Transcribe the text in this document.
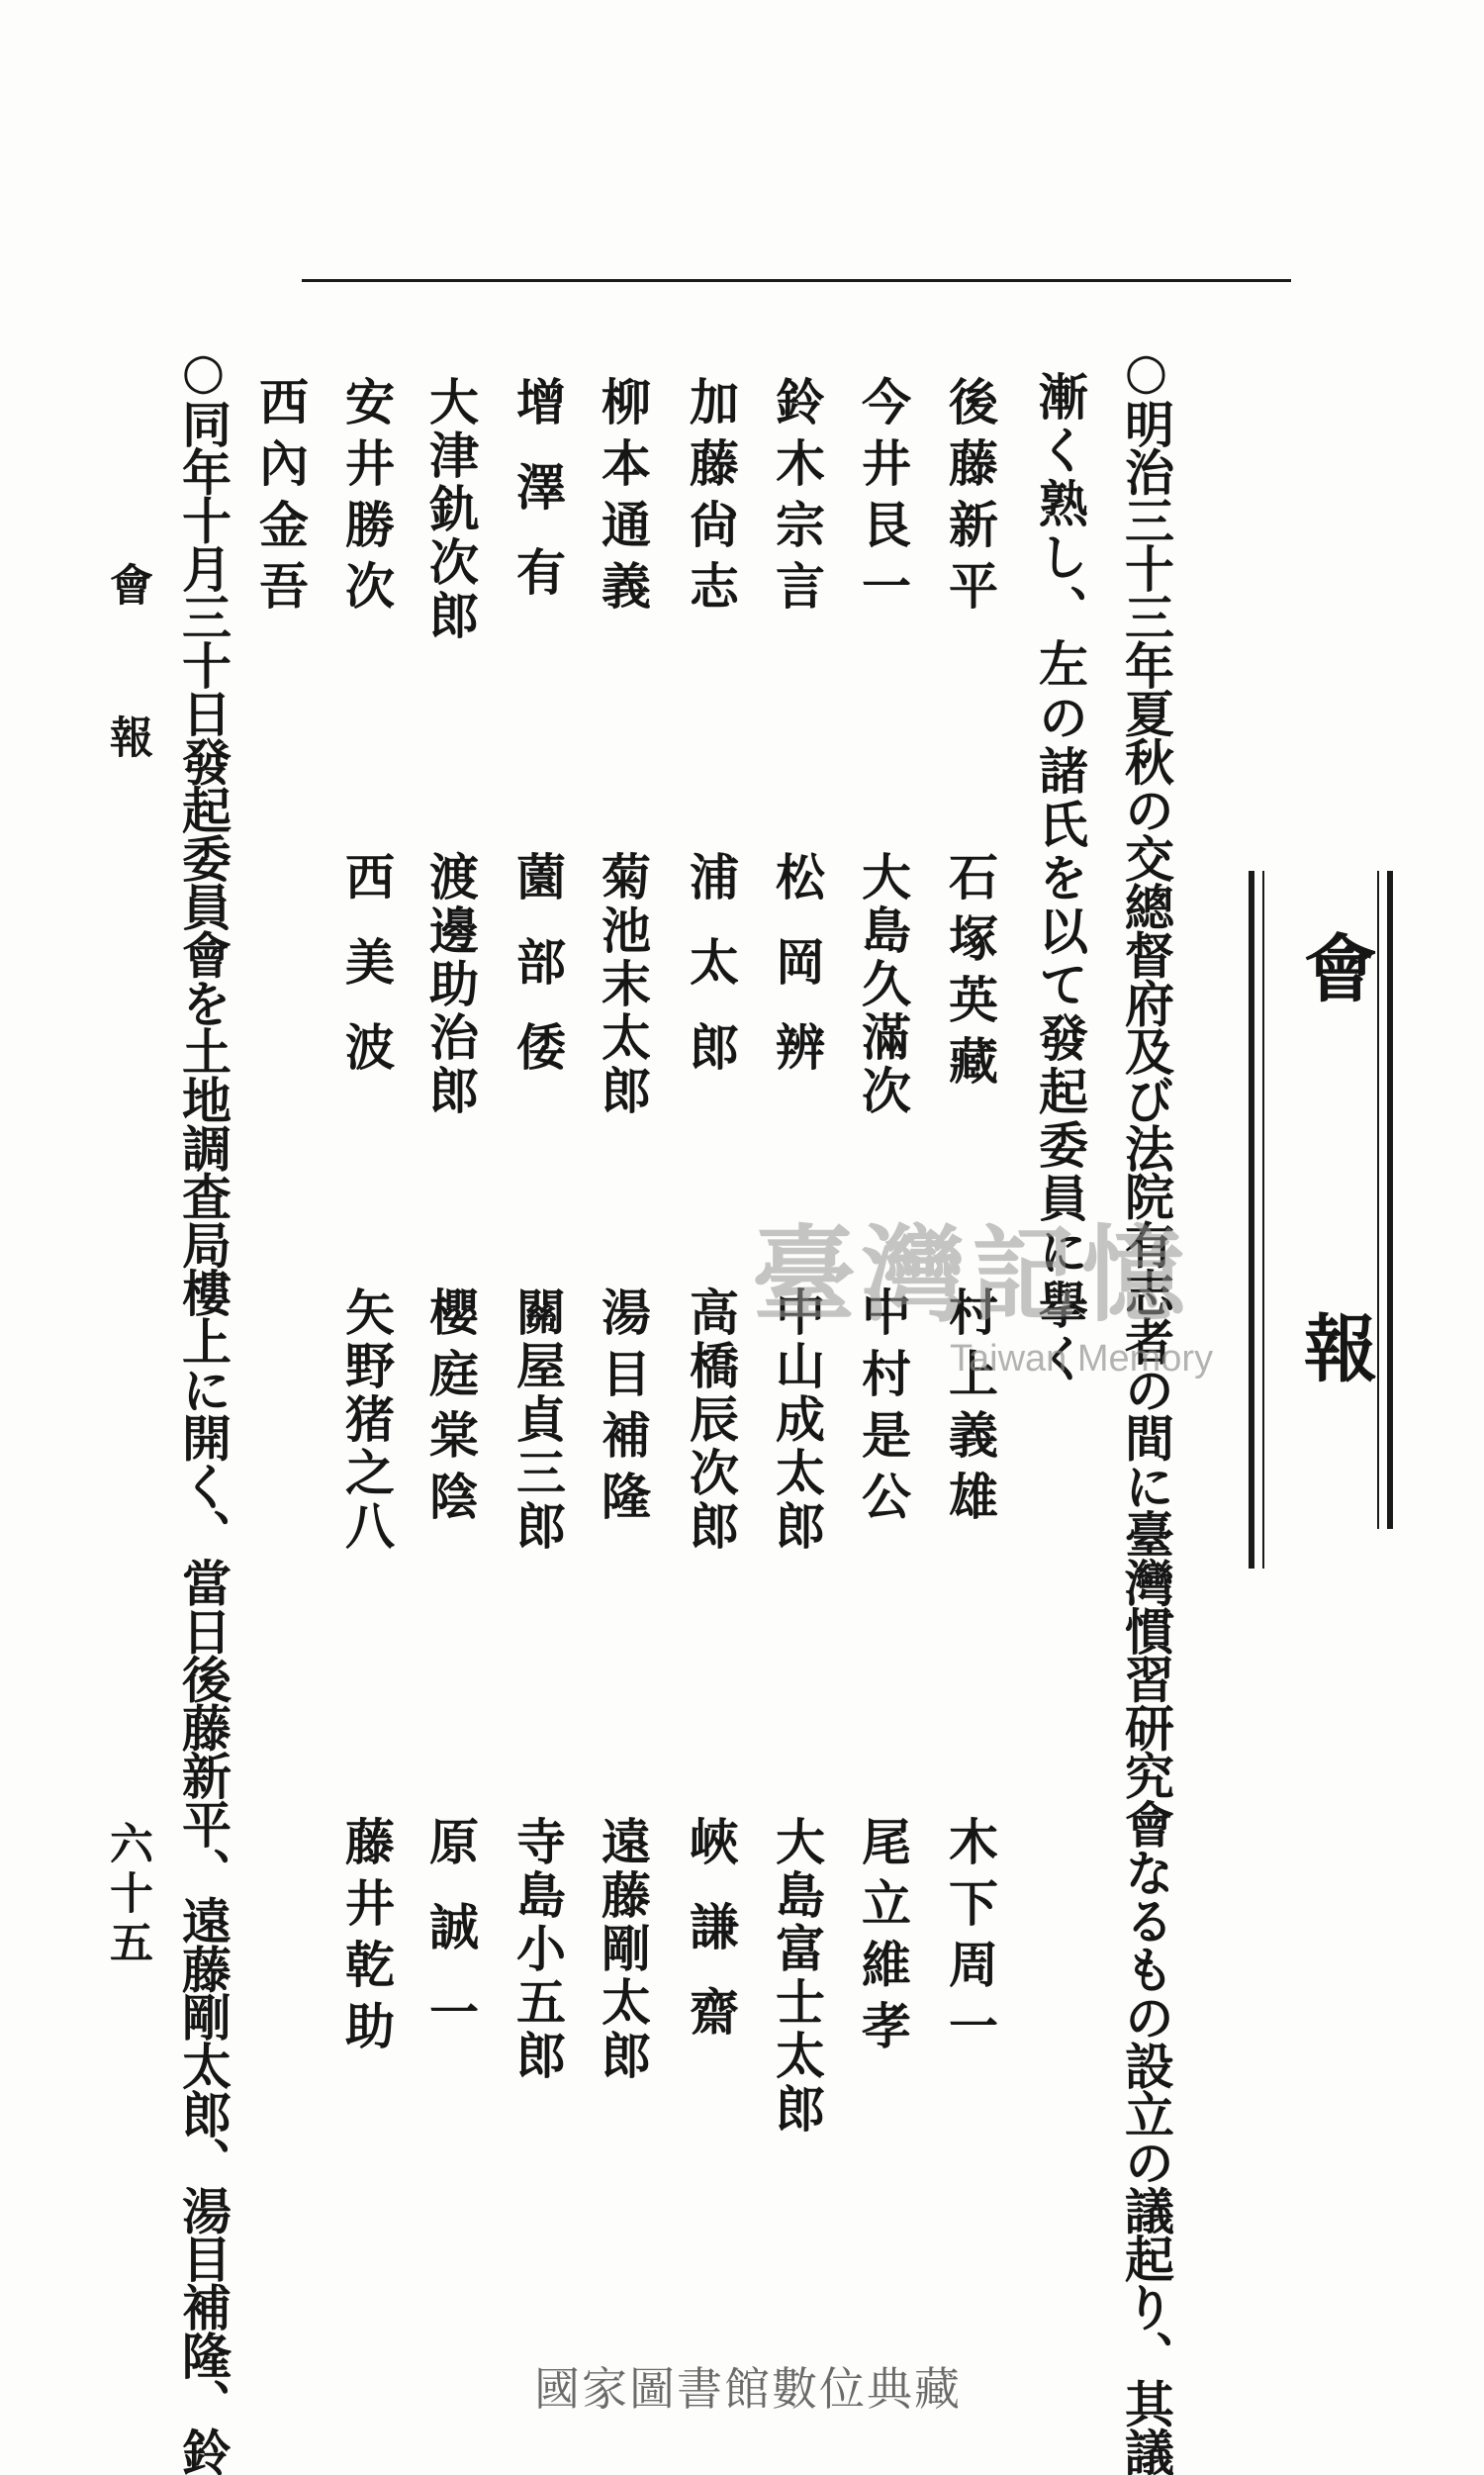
會報
○明治三十三年夏秋の交總督府及び法院有志者の間に臺灣慣習研究會なるもの設立の議起り、其議
漸く熟し、左の諸氏を以て發起委員に擧く
後藤新平
石塚英藏
村上義雄
木下周一
今井艮一
大島久滿次
中村是公
尾立維孝
鈴木宗言
松岡辨
中山成太郎
大島富士太郎
加藤尙志
浦太郎
高橋辰次郎
峽謙齋
柳本通義
菊池末太郎
湯目補隆
遠藤剛太郎
增澤有
薗部倭
關屋貞三郎
寺島小五郎
大津釚次郎
渡邊助治郎
櫻庭棠陰
原誠一
安井勝次
西美波
矢野猪之八
藤井乾助
西內金吾
○同年十月三十日發起委員會を土地調査局樓上に開く、當日後藤新平、遠藤剛太郎、湯目補隆、鈴
會報
六十五
臺灣記憶
Taiwan Memory
國家圖書館數位典藏
